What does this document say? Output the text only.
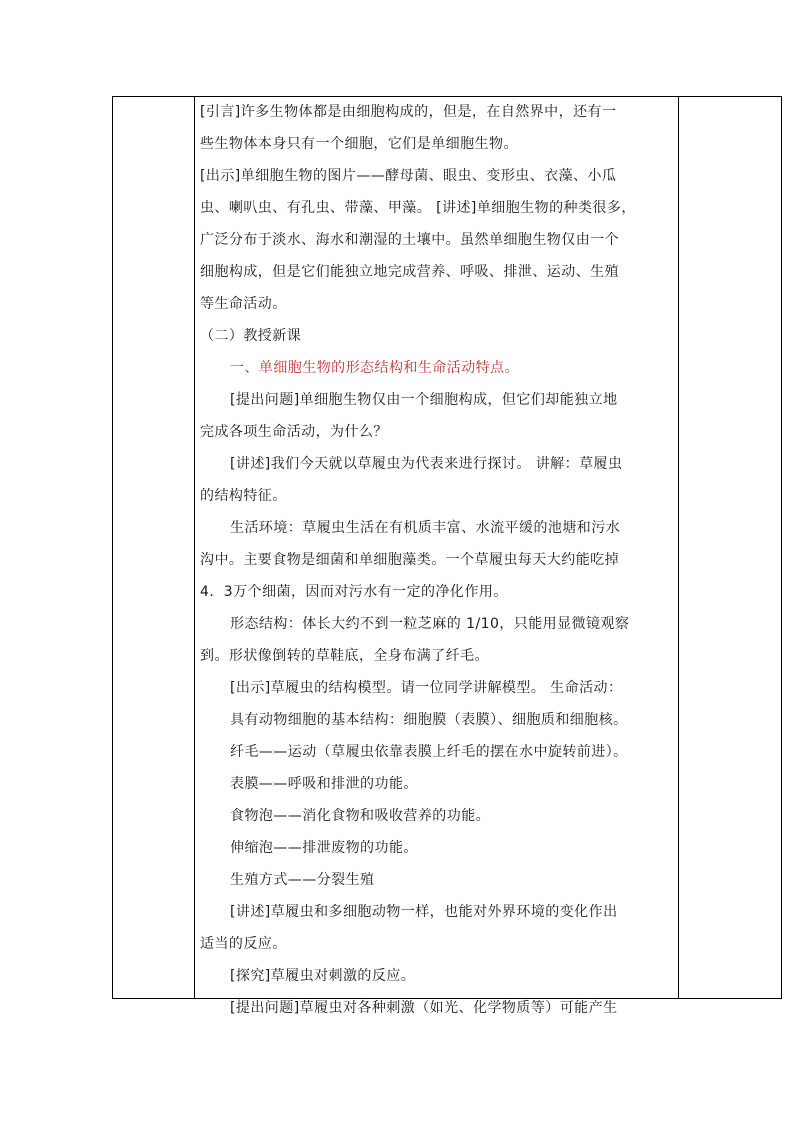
[引言]许多生物体都是由细胞构成的，但是，在自然界中，还有一

些生物体本身只有一个细胞，它们是单细胞生物。

[出示]单细胞生物的图片——酵母菌、眼虫、变形虫、衣藻、小瓜

虫、喇叭虫、有孔虫、带藻、甲藻。 [讲述]单细胞生物的种类很多，

广泛分布于淡水、海水和潮湿的土壤中。虽然单细胞生物仅由一个

细胞构成，但是它们能独立地完成营养、呼吸、排泄、运动、生殖

等生命活动。

（二）教授新课

一、单细胞生物的形态结构和生命活动特点。

[提出问题]单细胞生物仅由一个细胞构成，但它们却能独立地

完成各项生命活动，为什么？

[讲述]我们今天就以草履虫为代表来进行探讨。 讲解：草履虫

的结构特征。

生活环境：草履虫生活在有机质丰富、水流平缓的池塘和污水

沟中。主要食物是细菌和单细胞藻类。一个草履虫每天大约能吃掉

4．3万个细菌，因而对污水有一定的净化作用。

形态结构：体长大约不到一粒芝麻的 1/10，只能用显微镜观察

到。形状像倒转的草鞋底，全身布满了纤毛。

[出示]草履虫的结构模型。请一位同学讲解模型。 生命活动：

具有动物细胞的基本结构：细胞膜（表膜）、细胞质和细胞核。

纤毛——运动（草履虫依靠表膜上纤毛的摆在水中旋转前进）。

表膜——呼吸和排泄的功能。

食物泡——消化食物和吸收营养的功能。

伸缩泡——排泄废物的功能。

生殖方式——分裂生殖

[讲述]草履虫和多细胞动物一样，也能对外界环境的变化作出

适当的反应。

[探究]草履虫对刺激的反应。

[提出问题]草履虫对各种刺激（如光、化学物质等）可能产生
